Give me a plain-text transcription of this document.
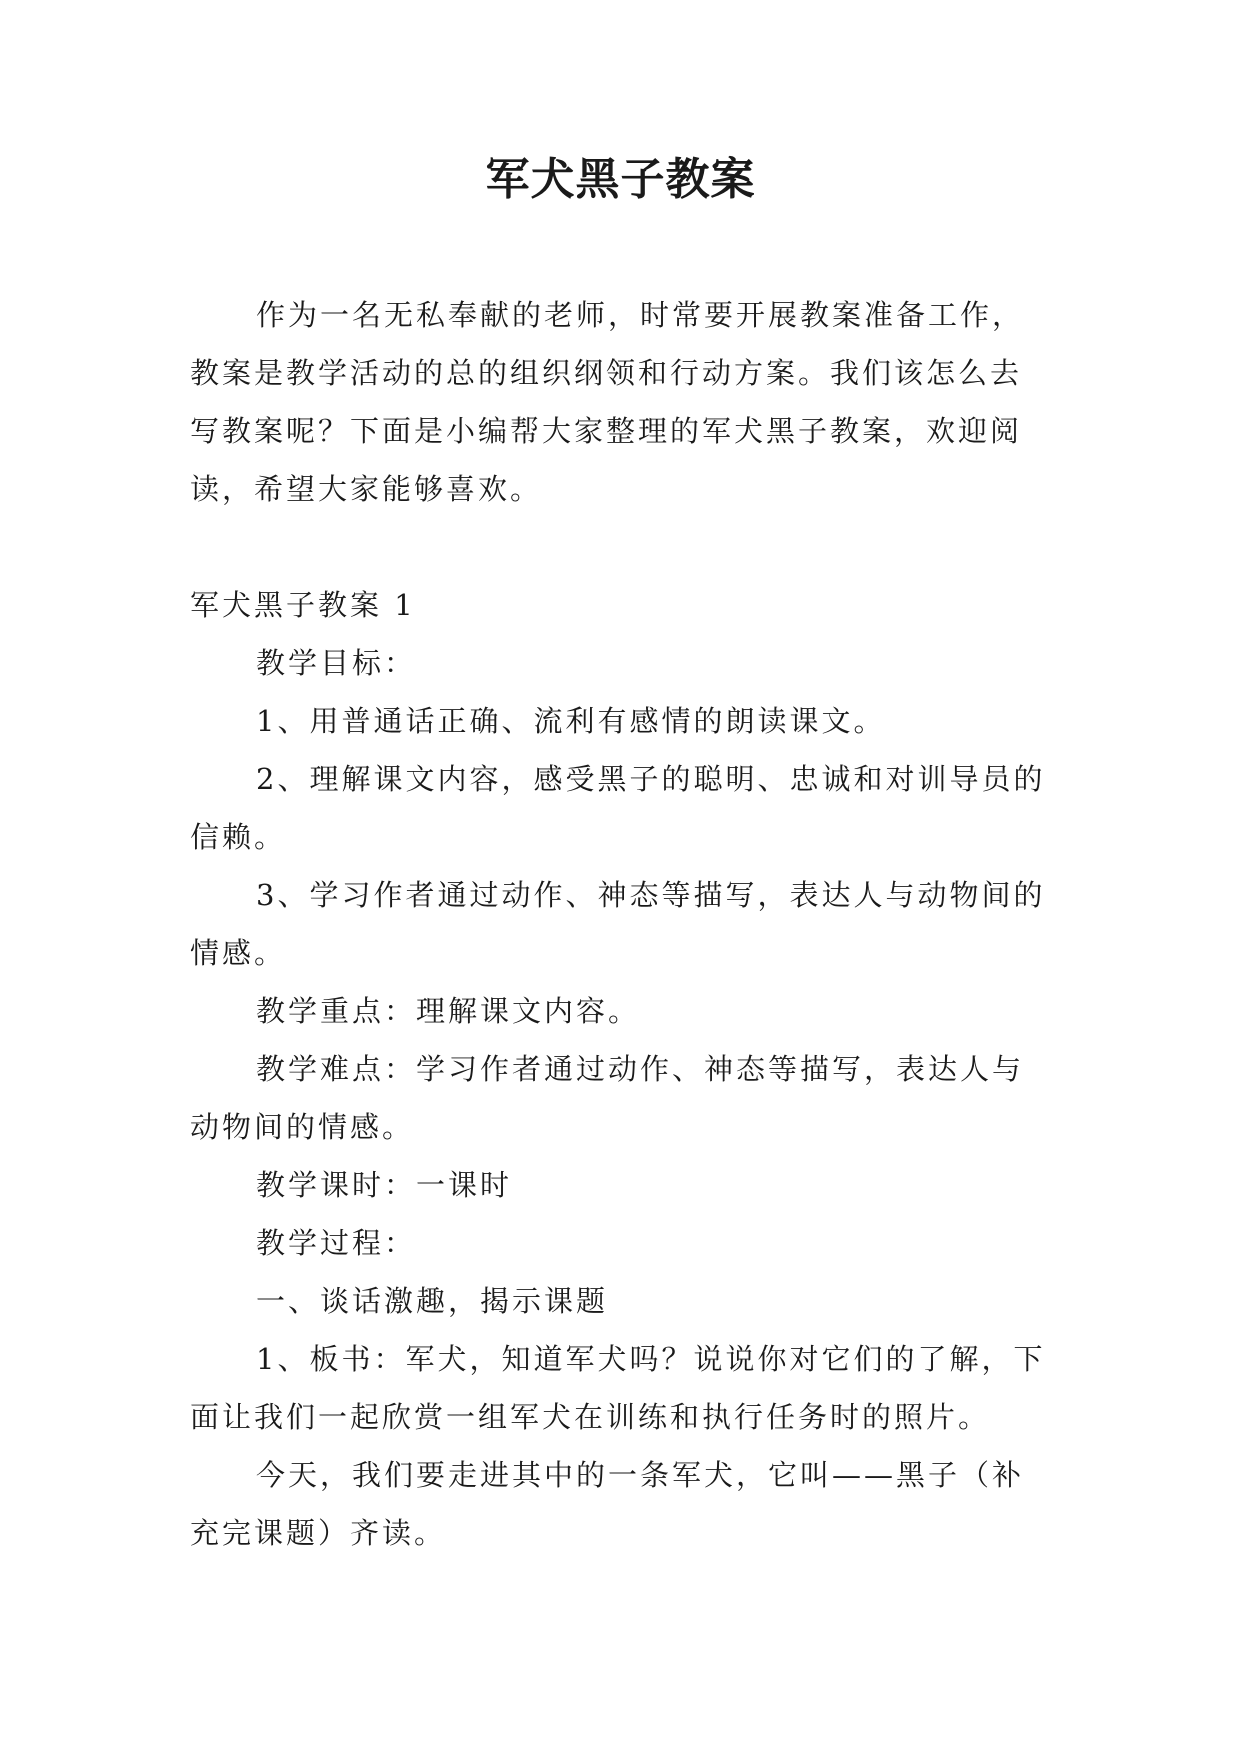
军犬黑子教案

作为一名无私奉献的老师，时常要开展教案准备工作，教案是教学活动的总的组织纲领和行动方案。我们该怎么去写教案呢？下面是小编帮大家整理的军犬黑子教案，欢迎阅读，希望大家能够喜欢。

军犬黑子教案 1

教学目标：

1、用普通话正确、流利有感情的朗读课文。

2、理解课文内容，感受黑子的聪明、忠诚和对训导员的信赖。

3、学习作者通过动作、神态等描写，表达人与动物间的情感。

教学重点：理解课文内容。

教学难点：学习作者通过动作、神态等描写，表达人与动物间的情感。

教学课时：一课时

教学过程：

一、谈话激趣，揭示课题

1、板书：军犬，知道军犬吗？说说你对它们的了解，下面让我们一起欣赏一组军犬在训练和执行任务时的照片。

今天，我们要走进其中的一条军犬，它叫——黑子（补充完课题）齐读。
